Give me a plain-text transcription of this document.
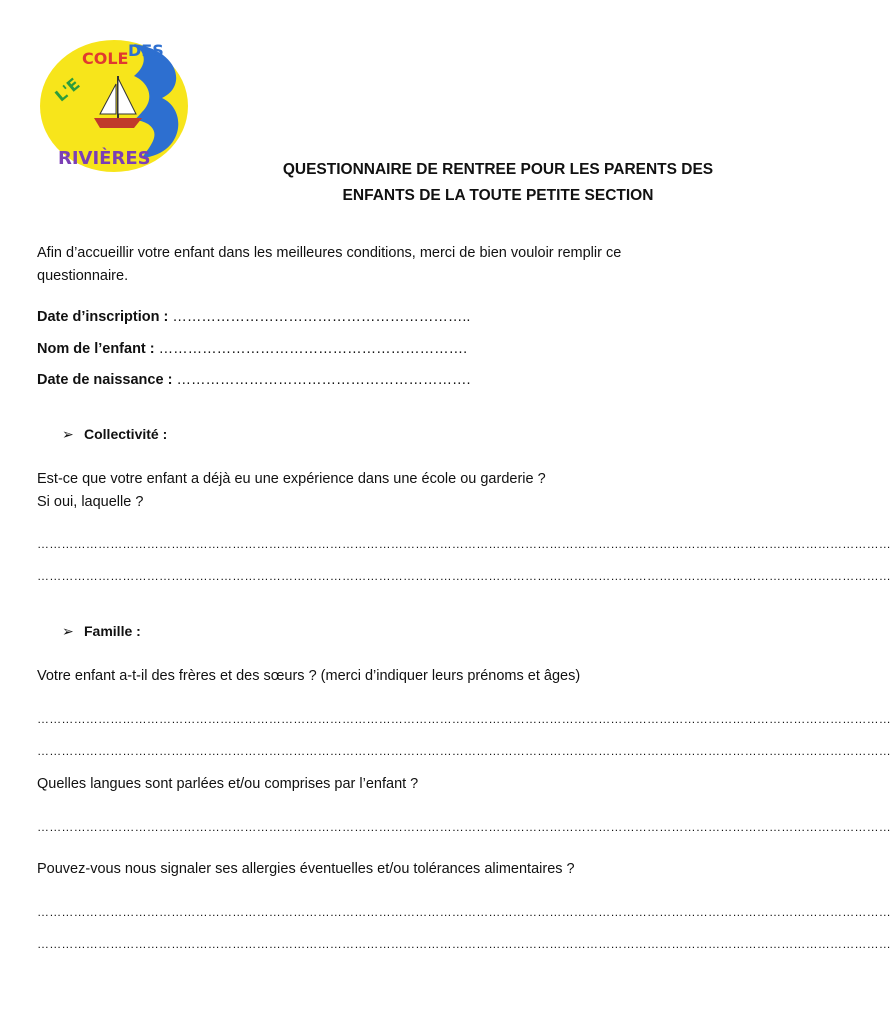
L'E
COLE DES
RIVIÈRES
QUESTIONNAIRE DE RENTREE POUR LES PARENTS DES
ENFANTS DE LA TOUTE PETITE SECTION
Afin d’accueillir votre enfant dans les meilleures conditions, merci de bien vouloir remplir ce
questionnaire.
Date d’inscription : ……………………………………………………..
Nom de l’enfant : ……………………………………………………….
Date de naissance : …………………………………………………….
➢ Collectivité :
Est-ce que votre enfant a déjà eu une expérience dans une école ou garderie ?
Si oui, laquelle ?
…………………………………………………………………………………………………………………………………………………………………………………………
…………………………………………………………………………………………………………………………………………………………………………………………
➢ Famille :
Votre enfant a-t-il des frères et des sœurs ? (merci d’indiquer leurs prénoms et âges)
…………………………………………………………………………………………………………………………………………………………………………………………
…………………………………………………………………………………………………………………………………………………………………………………………
Quelles langues sont parlées et/ou comprises par l’enfant ?
…………………………………………………………………………………………………………………………………………………………………………………………
Pouvez-vous nous signaler ses allergies éventuelles et/ou tolérances alimentaires ?
…………………………………………………………………………………………………………………………………………………………………………………………
…………………………………………………………………………………………………………………………………………………………………………………………
